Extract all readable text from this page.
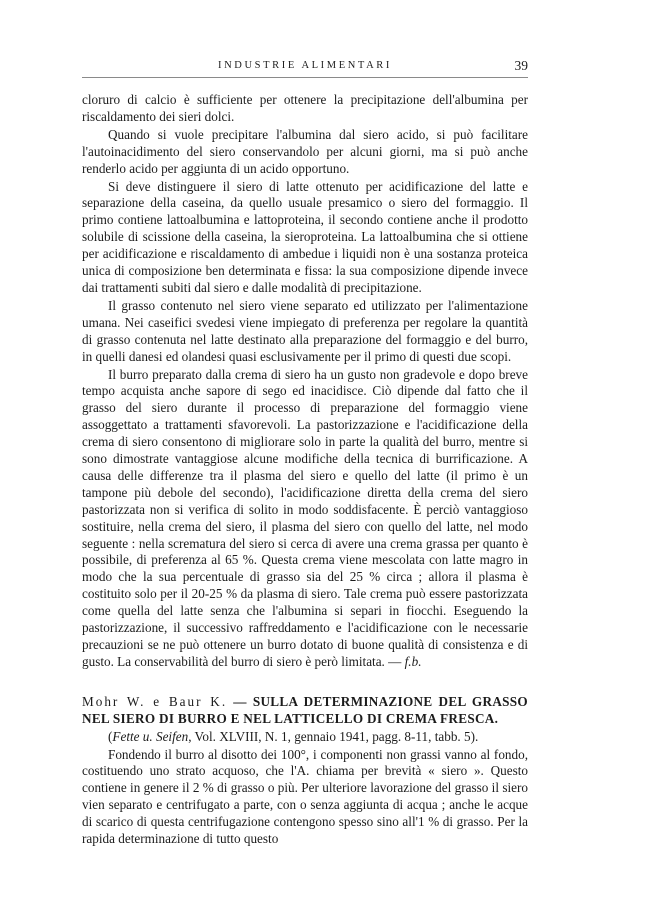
INDUSTRIE ALIMENTARI	39

cloruro di calcio è sufficiente per ottenere la precipitazione dell'albumina per riscaldamento dei sieri dolci.

Quando si vuole precipitare l'albumina dal siero acido, si può facilitare l'autoinacidimento del siero conservandolo per alcuni giorni, ma si può anche renderlo acido per aggiunta di un acido opportuno.

Si deve distinguere il siero di latte ottenuto per acidificazione del latte e separazione della caseina, da quello usuale presamico o siero del formaggio. Il primo contiene lattoalbumina e lattoproteina, il secondo contiene anche il prodotto solubile di scissione della caseina, la sieroproteina. La lattoalbumina che si ottiene per acidificazione e riscaldamento di ambedue i liquidi non è una sostanza proteica unica di composizione ben determinata e fissa: la sua composizione dipende invece dai trattamenti subiti dal siero e dalle modalità di precipitazione.

Il grasso contenuto nel siero viene separato ed utilizzato per l'alimentazione umana. Nei caseifici svedesi viene impiegato di preferenza per regolare la quantità di grasso contenuta nel latte destinato alla preparazione del formaggio e del burro, in quelli danesi ed olandesi quasi esclusivamente per il primo di questi due scopi.

Il burro preparato dalla crema di siero ha un gusto non gradevole e dopo breve tempo acquista anche sapore di sego ed inacidisce. Ciò dipende dal fatto che il grasso del siero durante il processo di preparazione del formaggio viene assoggettato a trattamenti sfavorevoli. La pastorizzazione e l'acidificazione della crema di siero consentono di migliorare solo in parte la qualità del burro, mentre si sono dimostrate vantaggiose alcune modifiche della tecnica di burrificazione. A causa delle differenze tra il plasma del siero e quello del latte (il primo è un tampone più debole del secondo), l'acidificazione diretta della crema del siero pastorizzata non si verifica di solito in modo soddisfacente. È perciò vantaggioso sostituire, nella crema del siero, il plasma del siero con quello del latte, nel modo seguente : nella scrematura del siero si cerca di avere una crema grassa per quanto è possibile, di preferenza al 65 %. Questa crema viene mescolata con latte magro in modo che la sua percentuale di grasso sia del 25 % circa ; allora il plasma è costituito solo per il 20-25 % da plasma di siero. Tale crema può essere pastorizzata come quella del latte senza che l'albumina si separi in fiocchi. Eseguendo la pastorizzazione, il successivo raffreddamento e l'acidificazione con le necessarie precauzioni se ne può ottenere un burro dotato di buone qualità di consistenza e di gusto. La conservabilità del burro di siero è però limitata. — f.b.

Mohr W. e Baur K. — SULLA DETERMINAZIONE DEL GRASSO NEL SIERO DI BURRO E NEL LATTICELLO DI CREMA FRESCA.

(Fette u. Seifen, Vol. XLVIII, N. 1, gennaio 1941, pagg. 8-11, tabb. 5).

Fondendo il burro al disotto dei 100°, i componenti non grassi vanno al fondo, costituendo uno strato acquoso, che l'A. chiama per brevità « siero ». Questo contiene in genere il 2 % di grasso o più. Per ulteriore lavorazione del grasso il siero vien separato e centrifugato a parte, con o senza aggiunta di acqua ; anche le acque di scarico di questa centrifugazione contengono spesso sino all'1 % di grasso. Per la rapida determinazione di tutto questo
